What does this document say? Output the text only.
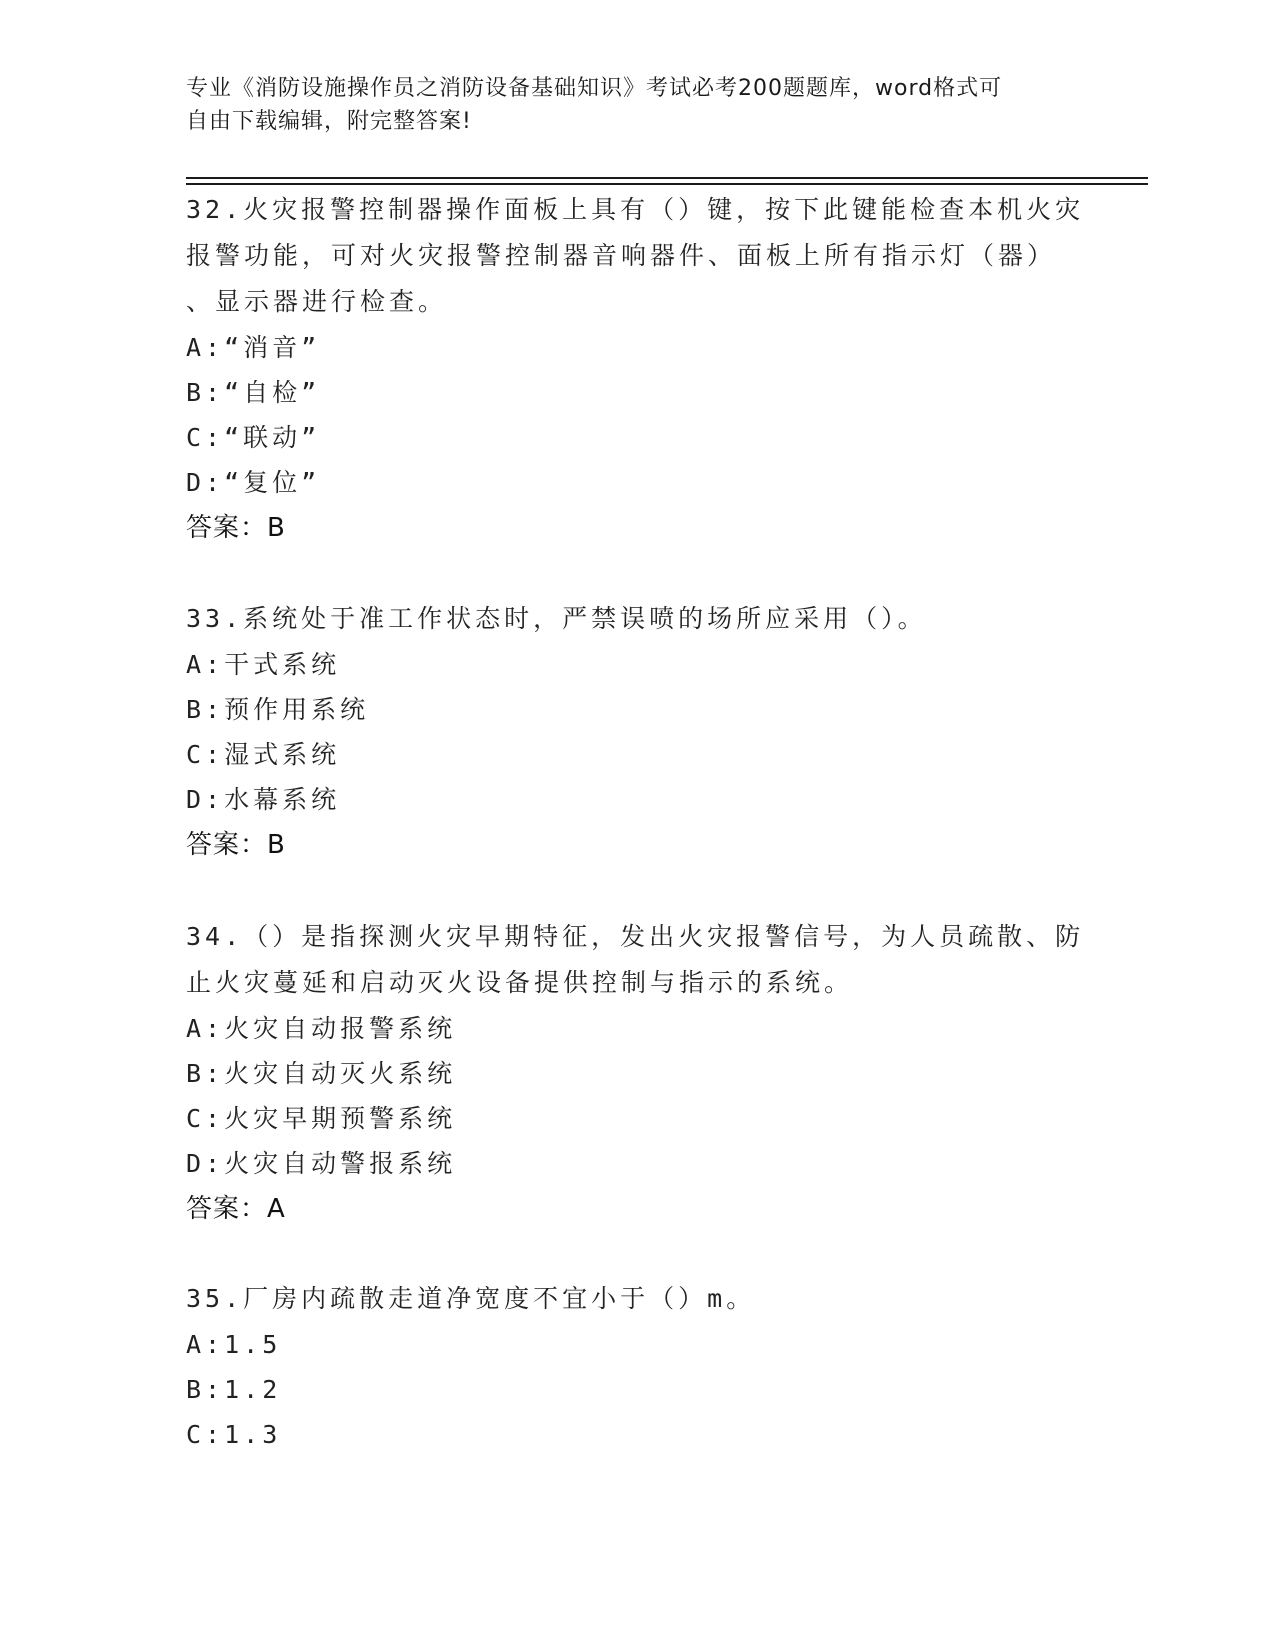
专业《消防设施操作员之消防设备基础知识》考试必考200题题库，word格式可
自由下载编辑，附完整答案!
32.火灾报警控制器操作面板上具有（）键，按下此键能检查本机火灾
报警功能，可对火灾报警控制器音响器件、面板上所有指示灯（器）
、显示器进行检查。
A:“消音”
B:“自检”
C:“联动”
D:“复位”
答案：B
33.系统处于准工作状态时，严禁误喷的场所应采用（）。
A:干式系统
B:预作用系统
C:湿式系统
D:水幕系统
答案：B
34.（）是指探测火灾早期特征，发出火灾报警信号，为人员疏散、防
止火灾蔓延和启动灭火设备提供控制与指示的系统。
A:火灾自动报警系统
B:火灾自动灭火系统
C:火灾早期预警系统
D:火灾自动警报系统
答案：A
35.厂房内疏散走道净宽度不宜小于（）m。
A:1.5
B:1.2
C:1.3
